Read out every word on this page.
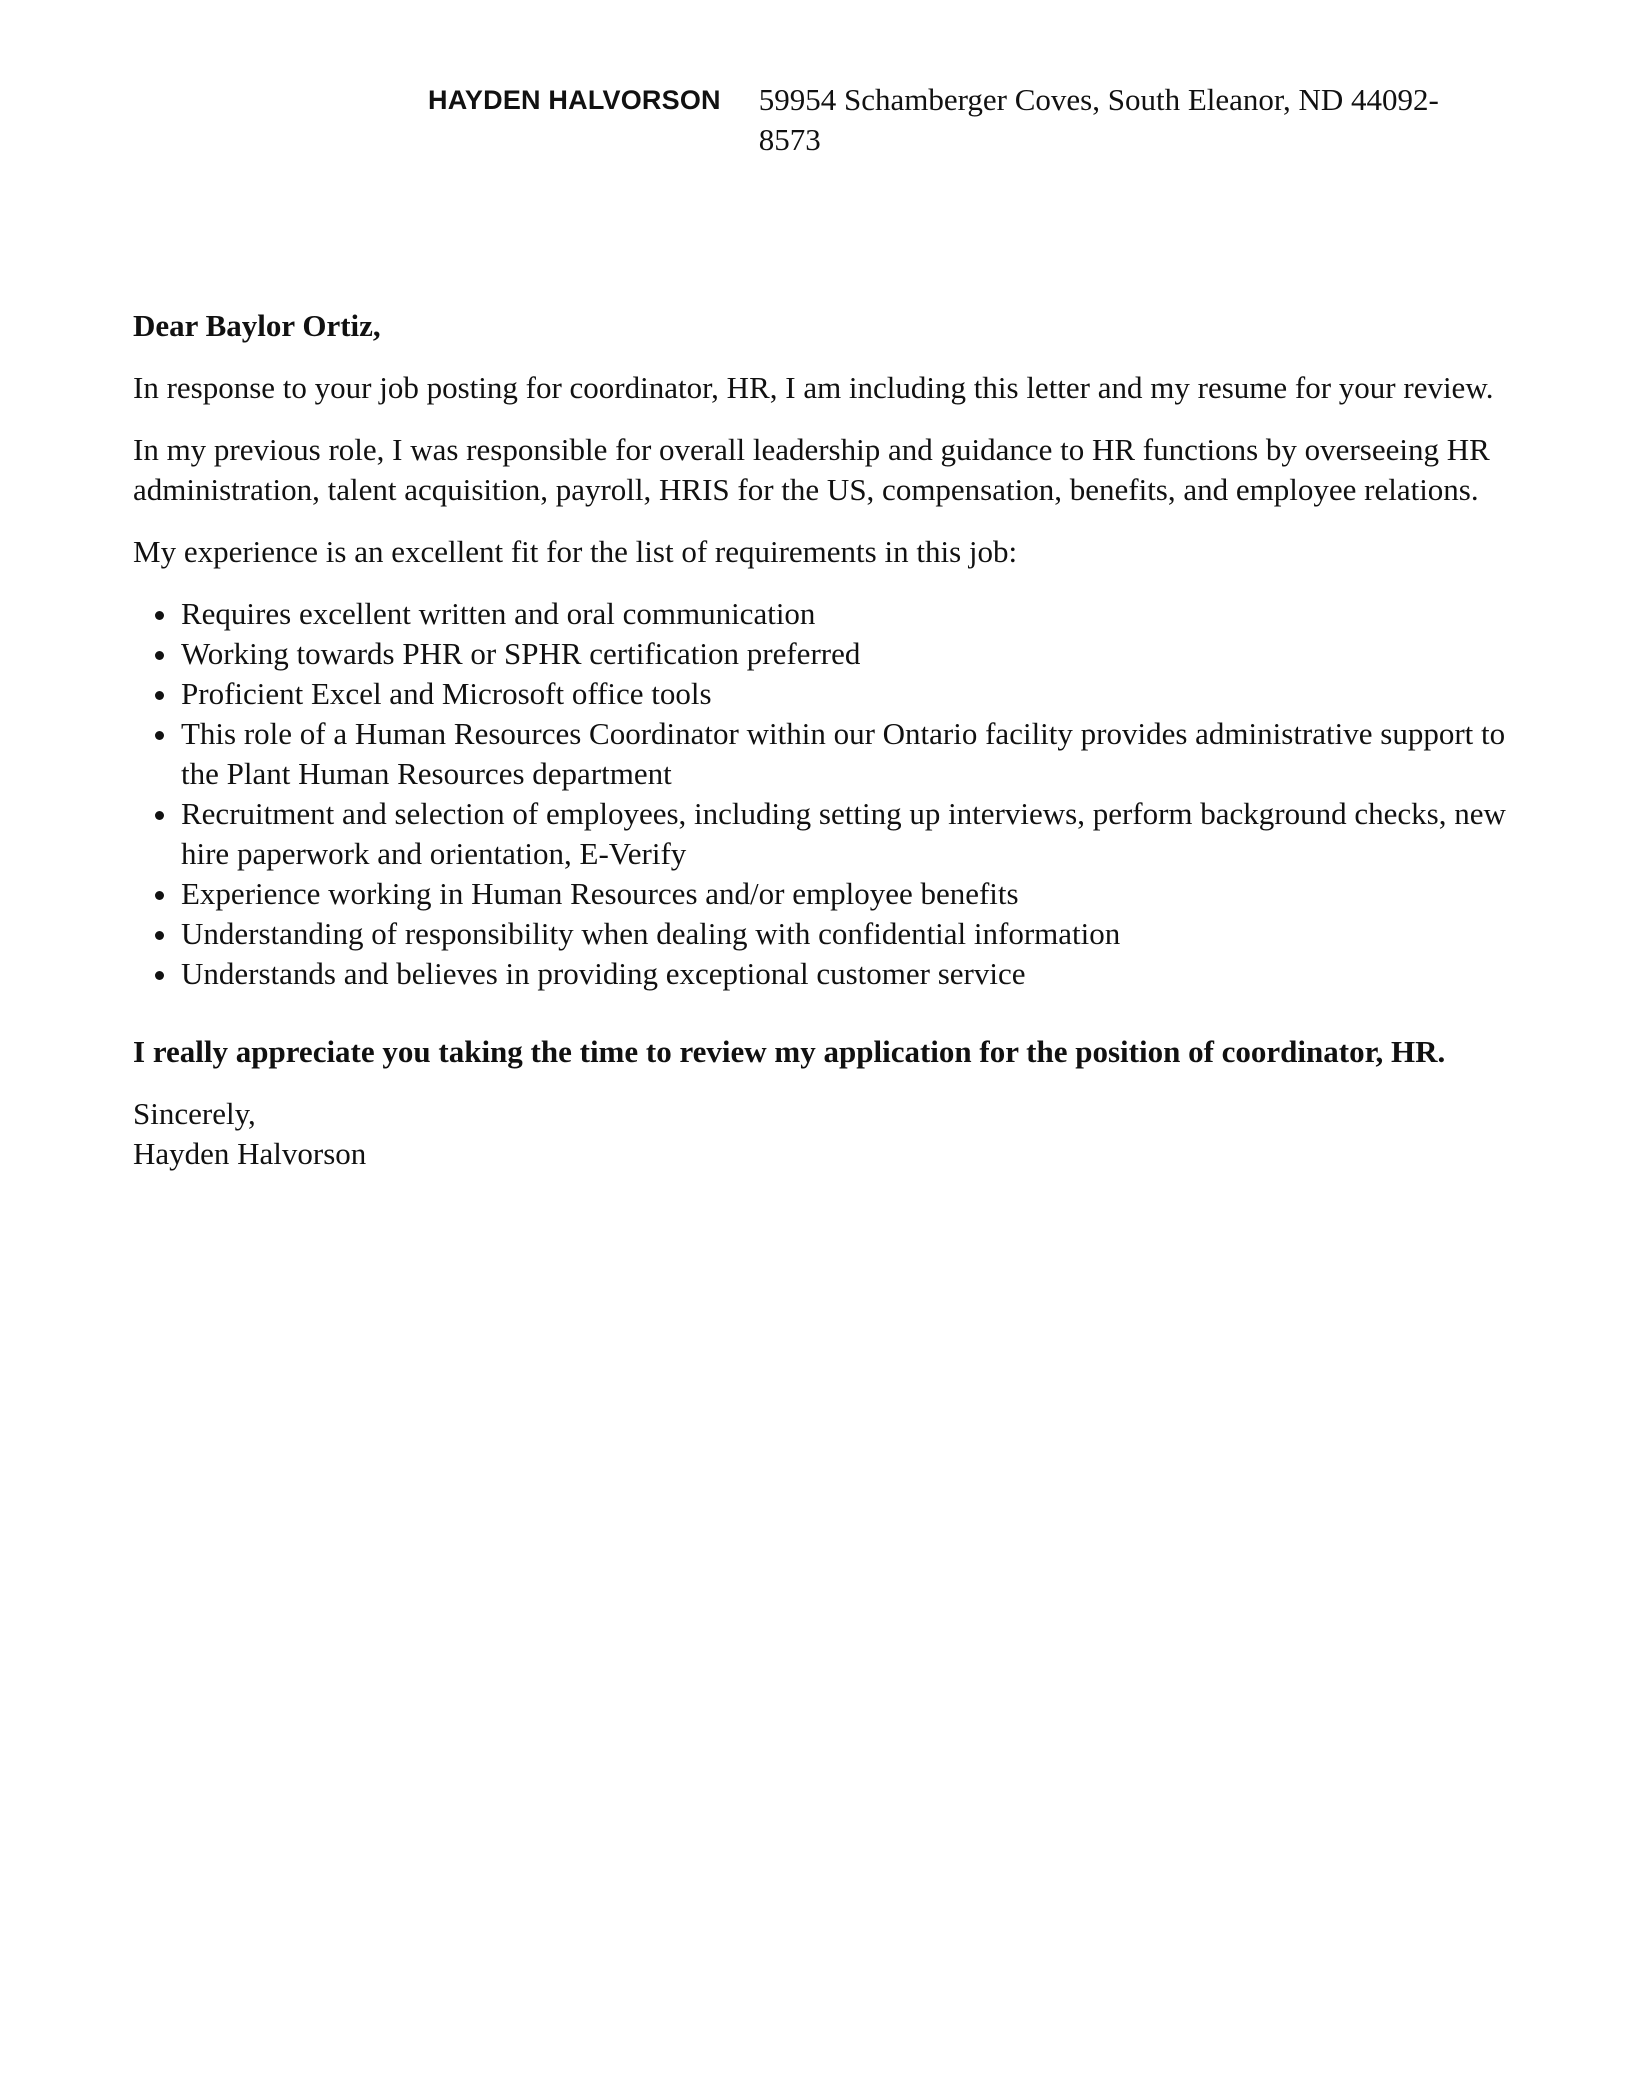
HAYDEN HALVORSON 59954 Schamberger Coves, South Eleanor, ND 44092-8573

Dear Baylor Ortiz,

In response to your job posting for coordinator, HR, I am including this letter and my resume for your review.

In my previous role, I was responsible for overall leadership and guidance to HR functions by overseeing HR administration, talent acquisition, payroll, HRIS for the US, compensation, benefits, and employee relations.

My experience is an excellent fit for the list of requirements in this job:

Requires excellent written and oral communication
Working towards PHR or SPHR certification preferred
Proficient Excel and Microsoft office tools
This role of a Human Resources Coordinator within our Ontario facility provides administrative support to the Plant Human Resources department
Recruitment and selection of employees, including setting up interviews, perform background checks, new hire paperwork and orientation, E-Verify
Experience working in Human Resources and/or employee benefits
Understanding of responsibility when dealing with confidential information
Understands and believes in providing exceptional customer service

I really appreciate you taking the time to review my application for the position of coordinator, HR.

Sincerely,
Hayden Halvorson
